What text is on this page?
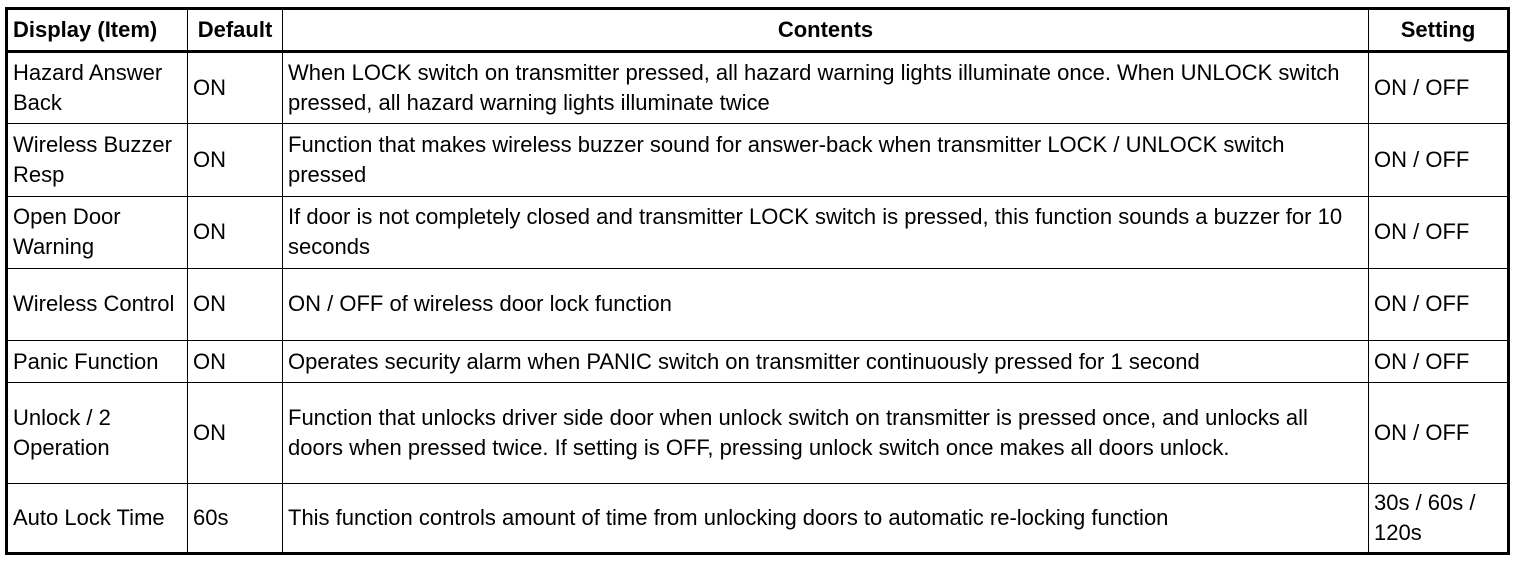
Display (Item)	Default	Contents	Setting
Hazard Answer Back	ON	When LOCK switch on transmitter pressed, all hazard warning lights illuminate once. When UNLOCK switch pressed, all hazard warning lights illuminate twice	ON / OFF
Wireless Buzzer Resp	ON	Function that makes wireless buzzer sound for answer-back when transmitter LOCK / UNLOCK switch pressed	ON / OFF
Open Door Warning	ON	If door is not completely closed and transmitter LOCK switch is pressed, this function sounds a buzzer for 10 seconds	ON / OFF
Wireless Control	ON	ON / OFF of wireless door lock function	ON / OFF
Panic Function	ON	Operates security alarm when PANIC switch on transmitter continuously pressed for 1 second	ON / OFF
Unlock / 2 Operation	ON	Function that unlocks driver side door when unlock switch on transmitter is pressed once, and unlocks all doors when pressed twice. If setting is OFF, pressing unlock switch once makes all doors unlock.	ON / OFF
Auto Lock Time	60s	This function controls amount of time from unlocking doors to automatic re-locking function	30s / 60s / 120s
